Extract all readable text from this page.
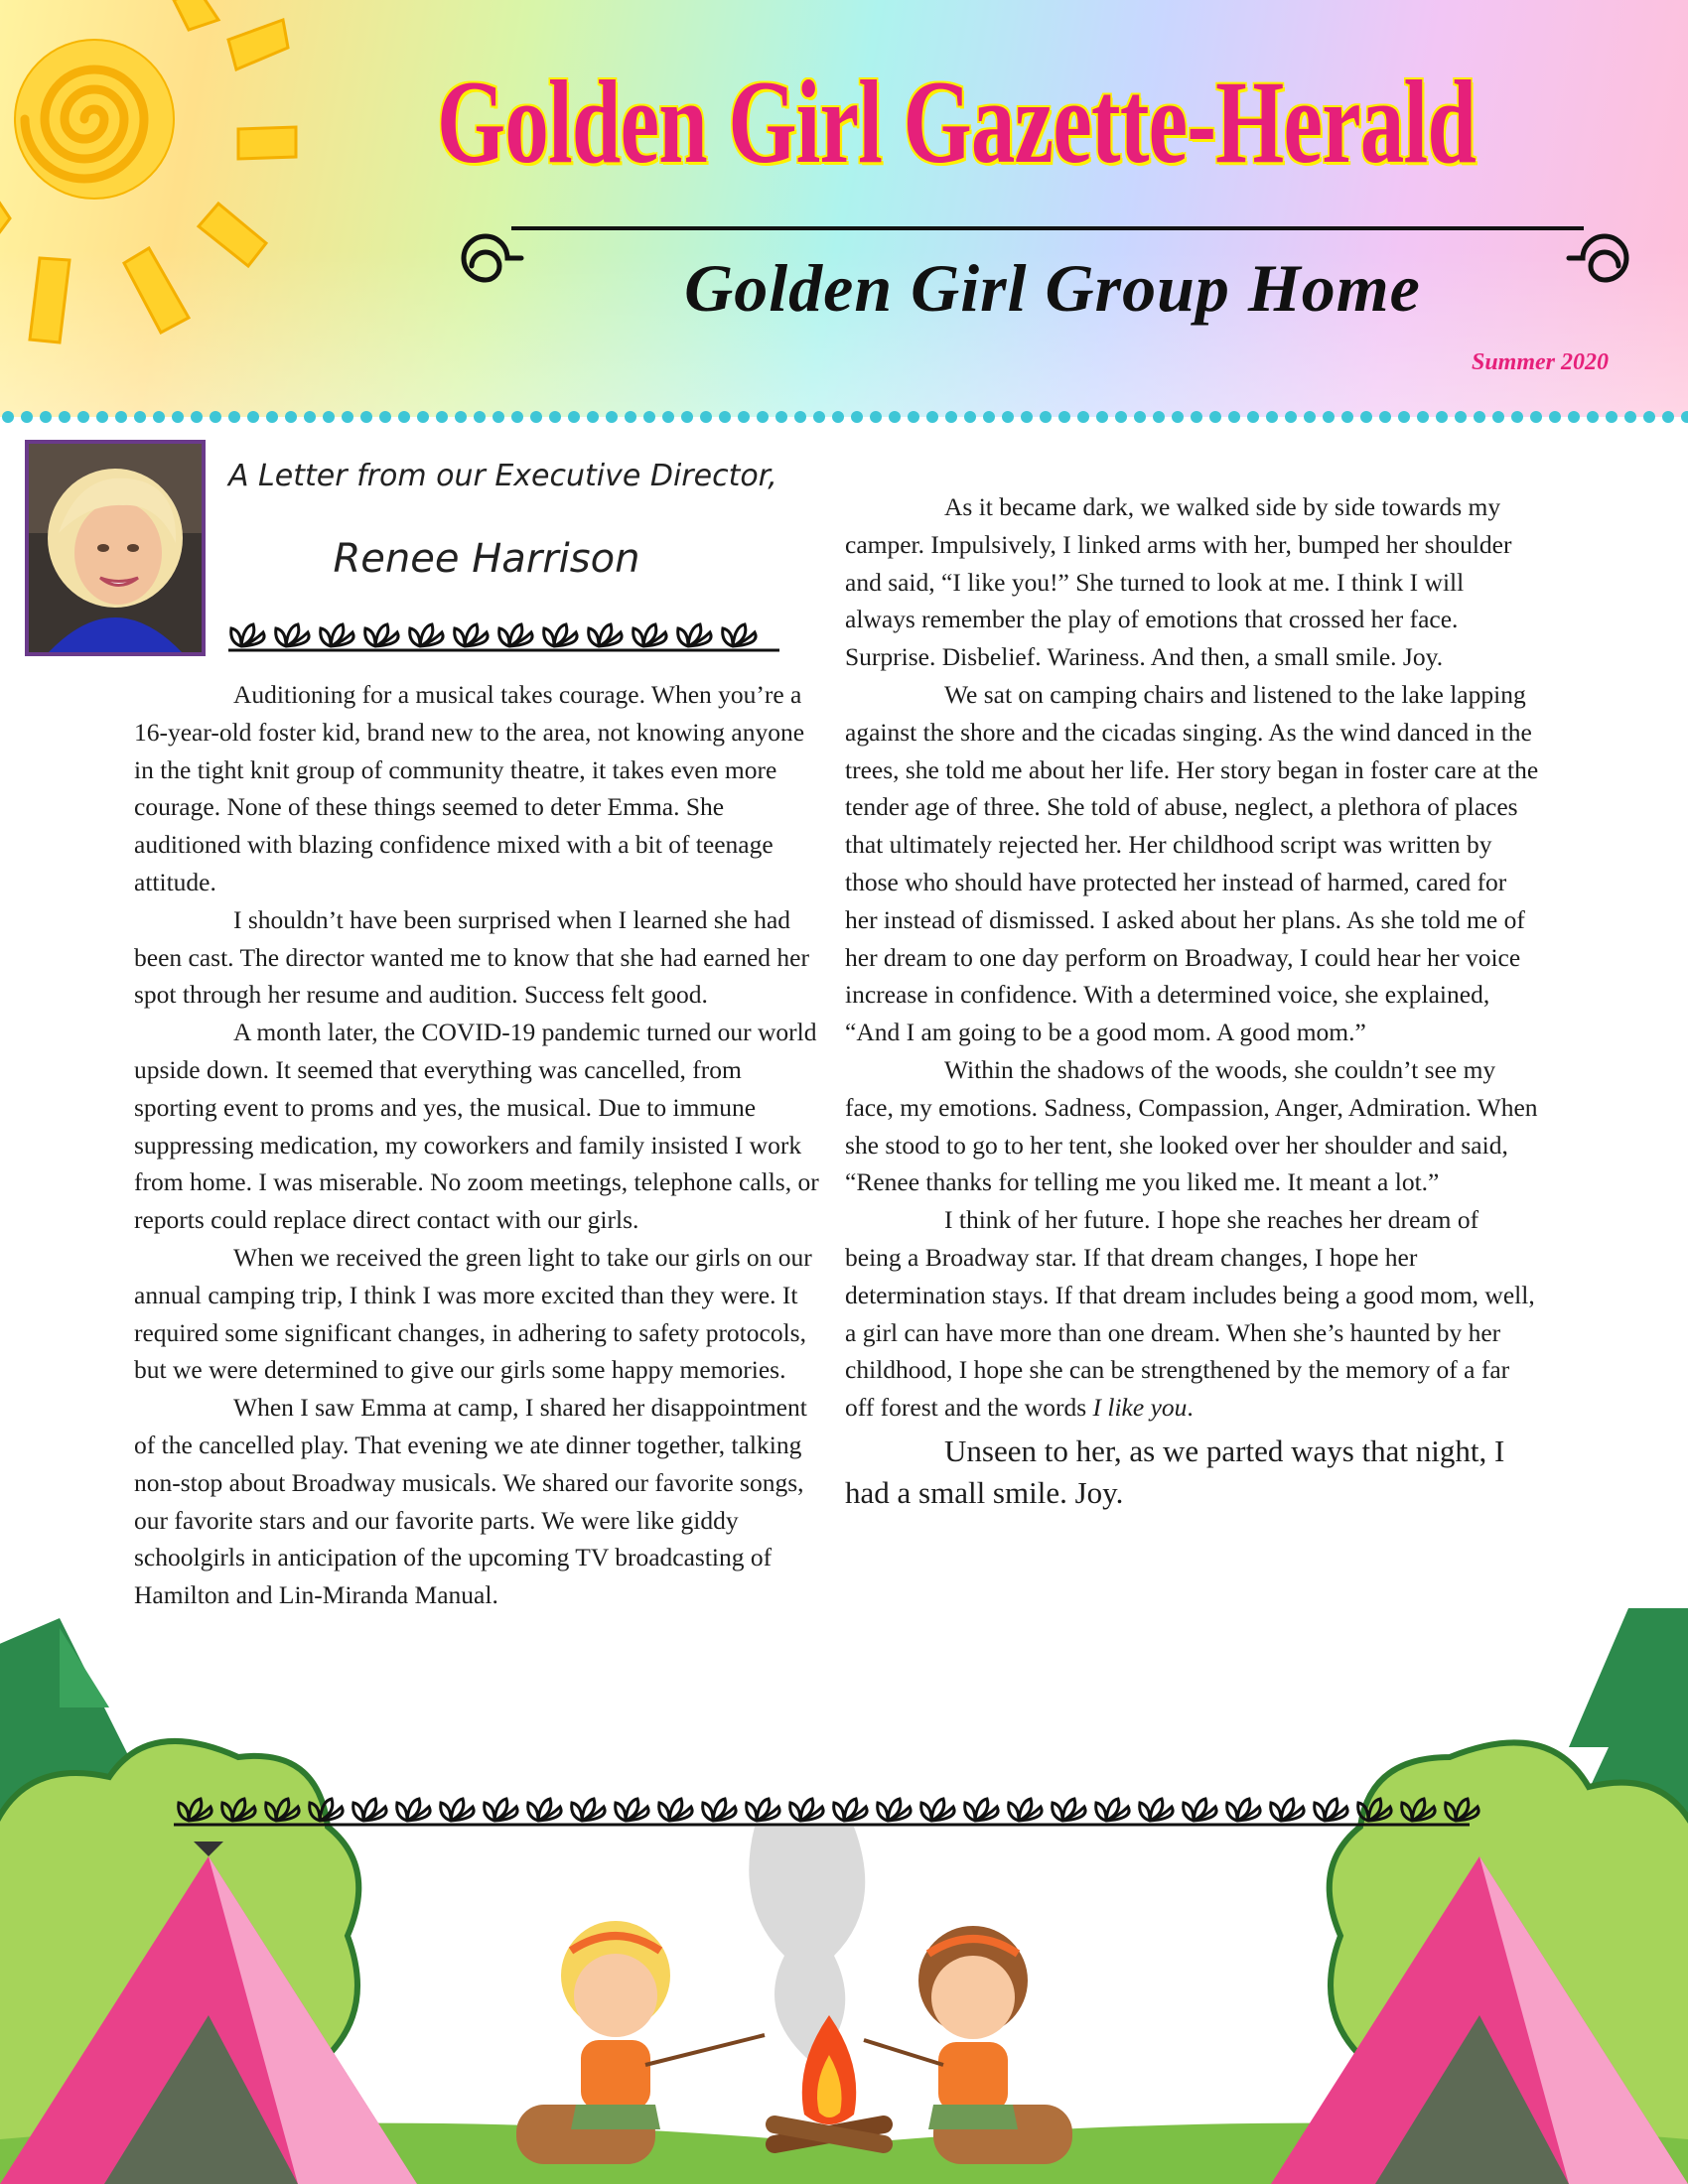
Golden Girl Gazette-Herald
Golden Girl Group Home
Summer 2020
A Letter from our Executive Director,
Renee Harrison

Auditioning for a musical takes courage. When you’re a 16-year-old foster kid, brand new to the area, not knowing anyone in the tight knit group of community theatre, it takes even more courage. None of these things seemed to deter Emma. She auditioned with blazing confidence mixed with a bit of teenage attitude.

I shouldn’t have been surprised when I learned she had been cast. The director wanted me to know that she had earned her spot through her resume and audition. Success felt good.

A month later, the COVID-19 pandemic turned our world upside down. It seemed that everything was cancelled, from sporting event to proms and yes, the musical. Due to immune suppressing medication, my coworkers and family insisted I work from home. I was miserable. No zoom meetings, telephone calls, or reports could replace direct contact with our girls.

When we received the green light to take our girls on our annual camping trip, I think I was more excited than they were. It required some significant changes, in adhering to safety protocols, but we were determined to give our girls some happy memories.

When I saw Emma at camp, I shared her disappointment of the cancelled play. That evening we ate dinner together, talking non-stop about Broadway musicals. We shared our favorite songs, our favorite stars and our favorite parts. We were like giddy schoolgirls in anticipation of the upcoming TV broadcasting of Hamilton and Lin-Miranda Manual.

As it became dark, we walked side by side towards my camper. Impulsively, I linked arms with her, bumped her shoulder and said, “I like you!” She turned to look at me. I think I will always remember the play of emotions that crossed her face. Surprise. Disbelief. Wariness. And then, a small smile. Joy.

We sat on camping chairs and listened to the lake lapping against the shore and the cicadas singing. As the wind danced in the trees, she told me about her life. Her story began in foster care at the tender age of three. She told of abuse, neglect, a plethora of places that ultimately rejected her. Her childhood script was written by those who should have protected her instead of harmed, cared for her instead of dismissed. I asked about her plans. As she told me of her dream to one day perform on Broadway, I could hear her voice increase in confidence. With a determined voice, she explained, “And I am going to be a good mom. A good mom.”

Within the shadows of the woods, she couldn’t see my face, my emotions. Sadness, Compassion, Anger, Admiration. When she stood to go to her tent, she looked over her shoulder and said, “Renee thanks for telling me you liked me. It meant a lot.”

I think of her future. I hope she reaches her dream of being a Broadway star. If that dream changes, I hope her determination stays. If that dream includes being a good mom, well, a girl can have more than one dream. When she’s haunted by her childhood, I hope she can be strengthened by the memory of a far off forest and the words I like you.

Unseen to her, as we parted ways that night, I had a small smile. Joy.
